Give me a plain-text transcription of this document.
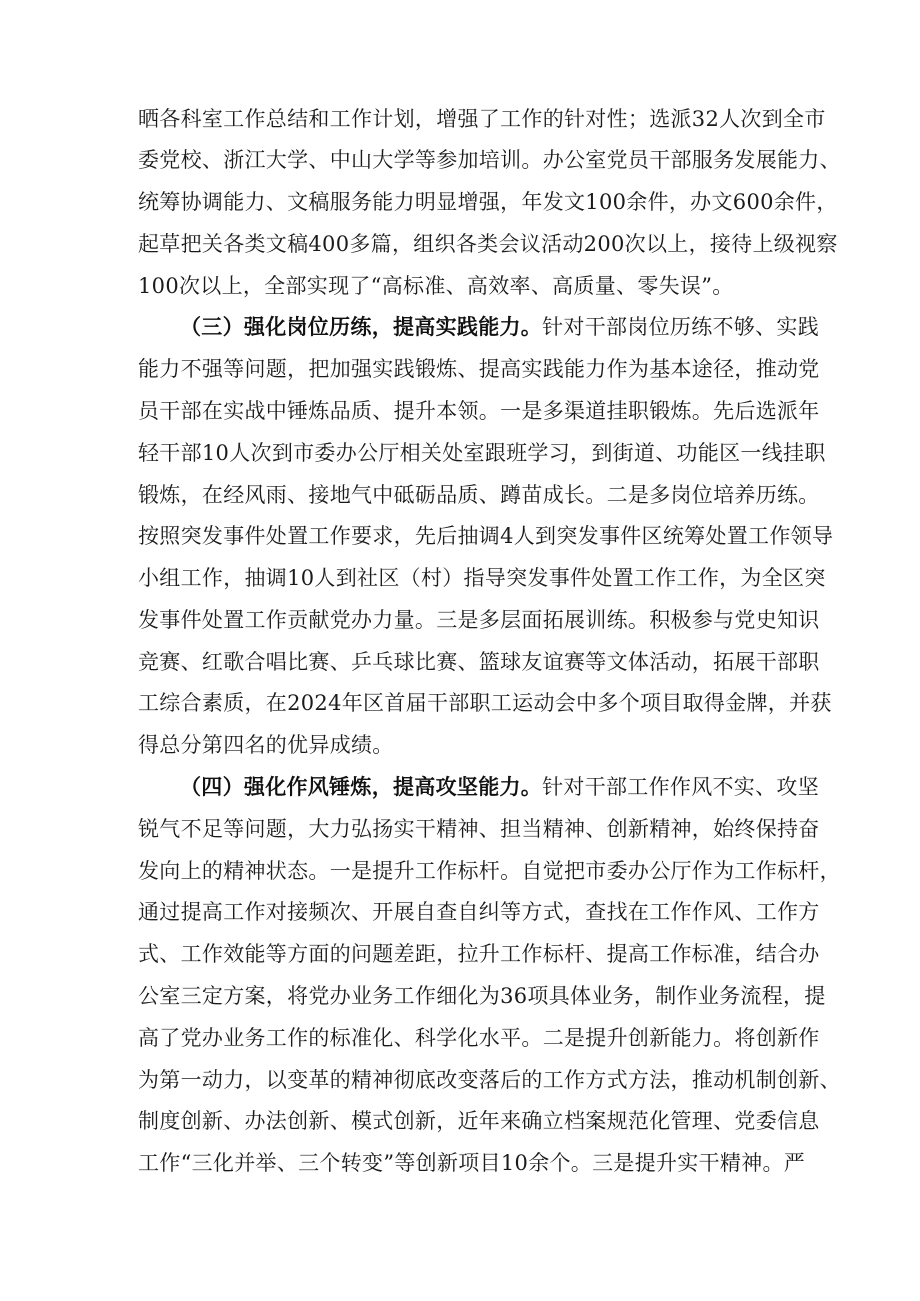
晒各科室工作总结和工作计划，增强了工作的针对性；选派32人次到全市
委党校、浙江大学、中山大学等参加培训。办公室党员干部服务发展能力、
统筹协调能力、文稿服务能力明显增强，年发文100余件，办文600余件，
起草把关各类文稿400多篇，组织各类会议活动200次以上，接待上级视察
100次以上，全部实现了“高标准、高效率、高质量、零失误”。
（三）强化岗位历练，提高实践能力。针对干部岗位历练不够、实践
能力不强等问题，把加强实践锻炼、提高实践能力作为基本途径，推动党
员干部在实战中锤炼品质、提升本领。一是多渠道挂职锻炼。先后选派年
轻干部10人次到市委办公厅相关处室跟班学习，到街道、功能区一线挂职
锻炼，在经风雨、接地气中砥砺品质、蹲苗成长。二是多岗位培养历练。
按照突发事件处置工作要求，先后抽调4人到突发事件区统筹处置工作领导
小组工作，抽调10人到社区（村）指导突发事件处置工作工作，为全区突
发事件处置工作贡献党办力量。三是多层面拓展训练。积极参与党史知识
竞赛、红歌合唱比赛、乒乓球比赛、篮球友谊赛等文体活动，拓展干部职
工综合素质，在2024年区首届干部职工运动会中多个项目取得金牌，并获
得总分第四名的优异成绩。
（四）强化作风锤炼，提高攻坚能力。针对干部工作作风不实、攻坚
锐气不足等问题，大力弘扬实干精神、担当精神、创新精神，始终保持奋
发向上的精神状态。一是提升工作标杆。自觉把市委办公厅作为工作标杆，
通过提高工作对接频次、开展自查自纠等方式，查找在工作作风、工作方
式、工作效能等方面的问题差距，拉升工作标杆、提高工作标准，结合办
公室三定方案，将党办业务工作细化为36项具体业务，制作业务流程，提
高了党办业务工作的标准化、科学化水平。二是提升创新能力。将创新作
为第一动力，以变革的精神彻底改变落后的工作方式方法，推动机制创新、
制度创新、办法创新、模式创新，近年来确立档案规范化管理、党委信息
工作“三化并举、三个转变”等创新项目10余个。三是提升实干精神。严
